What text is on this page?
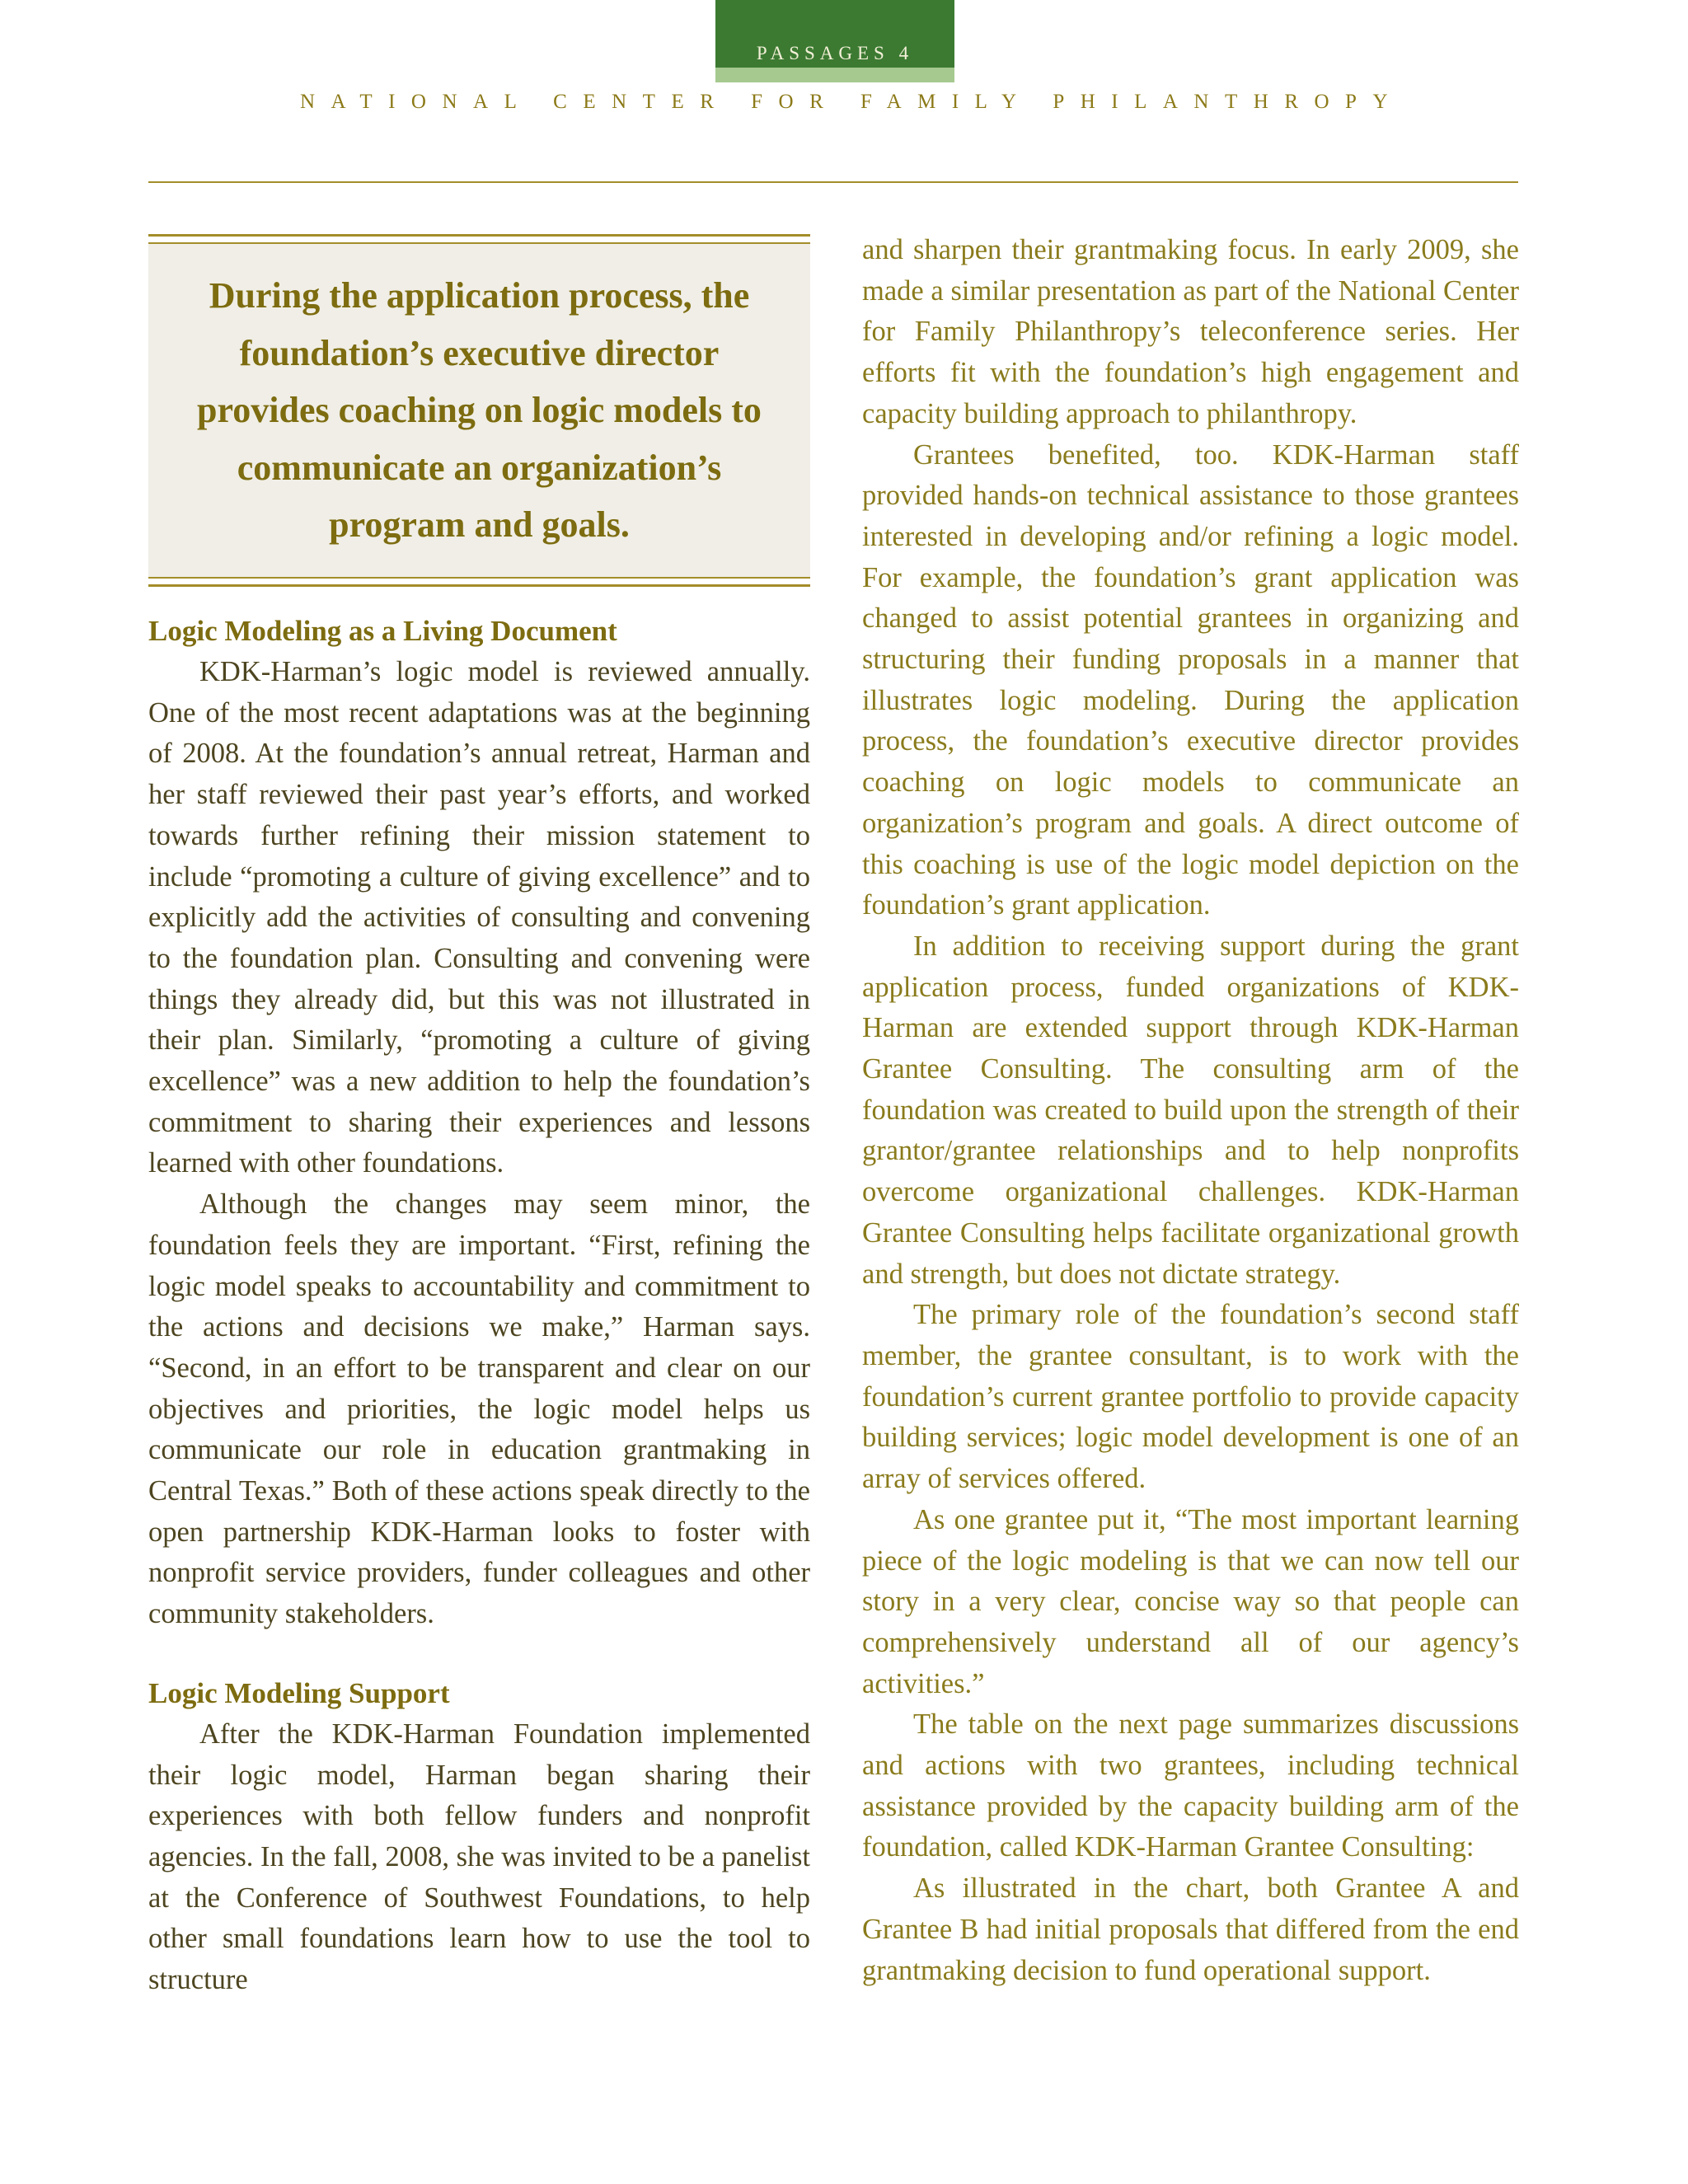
PASSAGES 4
NATIONAL CENTER FOR FAMILY PHILANTHROPY

During the application process, the foundation’s executive director provides coaching on logic models to communicate an organization’s program and goals.

Logic Modeling as a Living Document

KDK-Harman’s logic model is reviewed annually. One of the most recent adaptations was at the beginning of 2008. At the foundation’s annual retreat, Harman and her staff reviewed their past year’s efforts, and worked towards further refining their mission statement to include “promoting a culture of giving excellence” and to explicitly add the activities of consulting and convening to the foundation plan. Consulting and convening were things they already did, but this was not illustrated in their plan. Similarly, “promoting a culture of giving excellence” was a new addition to help the foundation’s commitment to sharing their experiences and lessons learned with other foundations.

Although the changes may seem minor, the foundation feels they are important. “First, refining the logic model speaks to accountability and commitment to the actions and decisions we make,” Harman says. “Second, in an effort to be transparent and clear on our objectives and priorities, the logic model helps us communicate our role in education grantmaking in Central Texas.” Both of these actions speak directly to the open partnership KDK-Harman looks to foster with nonprofit service providers, funder colleagues and other community stakeholders.

Logic Modeling Support

After the KDK-Harman Foundation implemented their logic model, Harman began sharing their experiences with both fellow funders and nonprofit agencies. In the fall, 2008, she was invited to be a panelist at the Conference of Southwest Foundations, to help other small foundations learn how to use the tool to structure

and sharpen their grantmaking focus. In early 2009, she made a similar presentation as part of the National Center for Family Philanthropy’s teleconference series. Her efforts fit with the foundation’s high engagement and capacity building approach to philanthropy.

Grantees benefited, too. KDK-Harman staff provided hands-on technical assistance to those grantees interested in developing and/or refining a logic model. For example, the foundation’s grant application was changed to assist potential grantees in organizing and structuring their funding proposals in a manner that illustrates logic modeling. During the application process, the foundation’s executive director provides coaching on logic models to communicate an organization’s program and goals. A direct outcome of this coaching is use of the logic model depiction on the foundation’s grant application.

In addition to receiving support during the grant application process, funded organizations of KDK-Harman are extended support through KDK-Harman Grantee Consulting. The consulting arm of the foundation was created to build upon the strength of their grantor/grantee relationships and to help nonprofits overcome organizational challenges. KDK-Harman Grantee Consulting helps facilitate organizational growth and strength, but does not dictate strategy.

The primary role of the foundation’s second staff member, the grantee consultant, is to work with the foundation’s current grantee portfolio to provide capacity building services; logic model development is one of an array of services offered.

As one grantee put it, “The most important learning piece of the logic modeling is that we can now tell our story in a very clear, concise way so that people can comprehensively understand all of our agency’s activities.”

The table on the next page summarizes discussions and actions with two grantees, including technical assistance provided by the capacity building arm of the foundation, called KDK-Harman Grantee Consulting:

As illustrated in the chart, both Grantee A and Grantee B had initial proposals that differed from the end grantmaking decision to fund operational support.
